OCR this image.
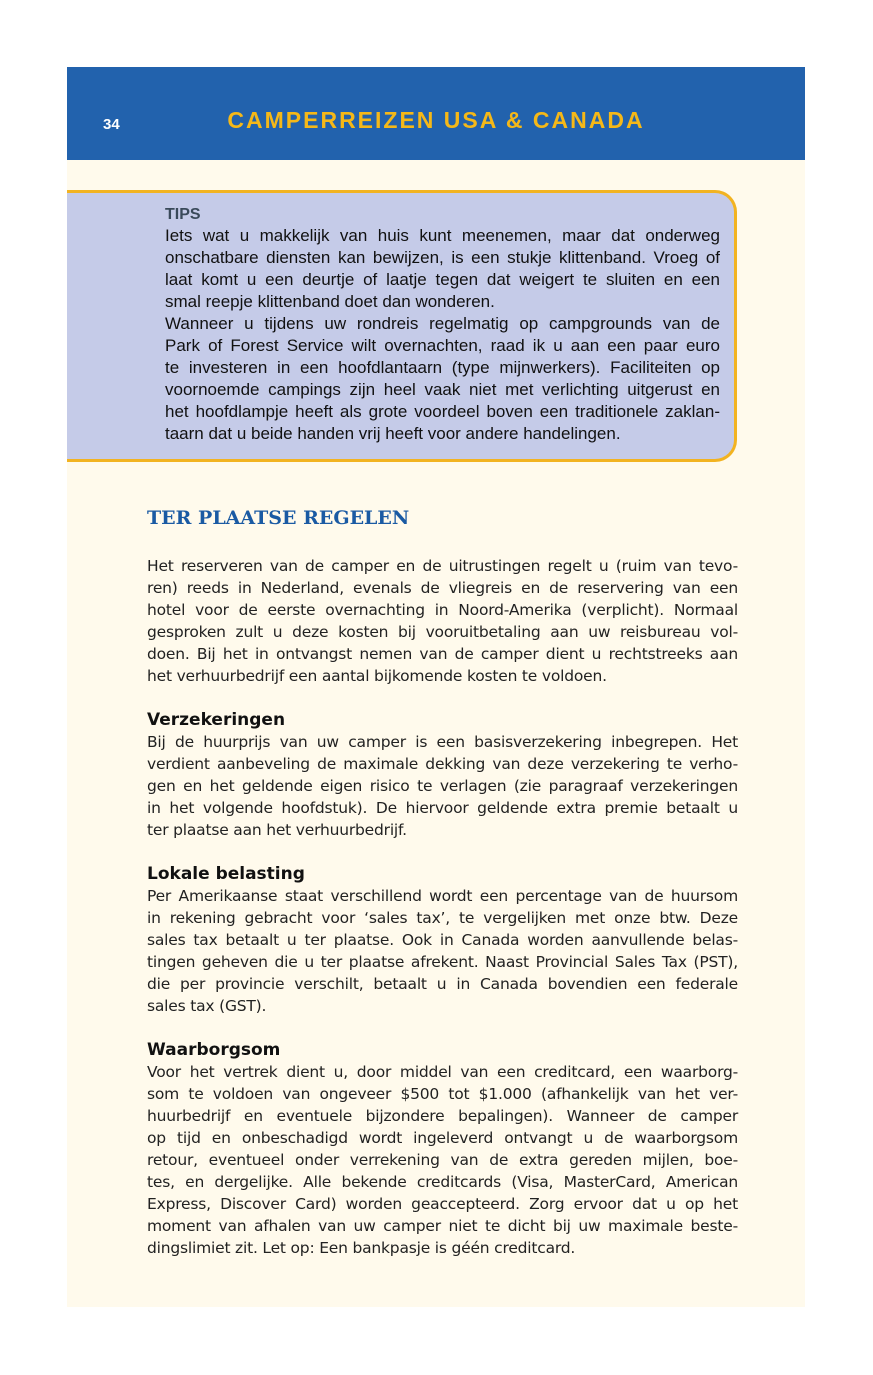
34	CAMPERREIZEN USA & CANADA
TIPS
Iets wat u makkelijk van huis kunt meenemen, maar dat onderweg
onschatbare diensten kan bewijzen, is een stukje klittenband. Vroeg of
laat komt u een deurtje of laatje tegen dat weigert te sluiten en een
smal reepje klittenband doet dan wonderen.
Wanneer u tijdens uw rondreis regelmatig op campgrounds van de
Park of Forest Service wilt overnachten, raad ik u aan een paar euro
te investeren in een hoofdlantaarn (type mijnwerkers). Faciliteiten op
voornoemde campings zijn heel vaak niet met verlichting uitgerust en
het hoofdlampje heeft als grote voordeel boven een traditionele zaklan-
taarn dat u beide handen vrij heeft voor andere handelingen.
TER PLAATSE REGELEN
Het reserveren van de camper en de uitrustingen regelt u (ruim van tevo-
ren) reeds in Nederland, evenals de vliegreis en de reservering van een
hotel voor de eerste overnachting in Noord-Amerika (verplicht). Normaal
gesproken zult u deze kosten bij vooruitbetaling aan uw reisbureau vol-
doen. Bij het in ontvangst nemen van de camper dient u rechtstreeks aan
het verhuurbedrijf een aantal bijkomende kosten te voldoen.
Verzekeringen
Bij de huurprijs van uw camper is een basisverzekering inbegrepen. Het
verdient aanbeveling de maximale dekking van deze verzekering te verho-
gen en het geldende eigen risico te verlagen (zie paragraaf verzekeringen
in het volgende hoofdstuk). De hiervoor geldende extra premie betaalt u
ter plaatse aan het verhuurbedrijf.
Lokale belasting
Per Amerikaanse staat verschillend wordt een percentage van de huursom
in rekening gebracht voor ‘sales tax’, te vergelijken met onze btw. Deze
sales tax betaalt u ter plaatse. Ook in Canada worden aanvullende belas-
tingen geheven die u ter plaatse afrekent. Naast Provincial Sales Tax (PST),
die per provincie verschilt, betaalt u in Canada bovendien een federale
sales tax (GST).
Waarborgsom
Voor het vertrek dient u, door middel van een creditcard, een waarborg-
som te voldoen van ongeveer $500 tot $1.000 (afhankelijk van het ver-
huurbedrijf en eventuele bijzondere bepalingen). Wanneer de camper
op tijd en onbeschadigd wordt ingeleverd ontvangt u de waarborgsom
retour, eventueel onder verrekening van de extra gereden mijlen, boe-
tes, en dergelijke. Alle bekende creditcards (Visa, MasterCard, American
Express, Discover Card) worden geaccepteerd. Zorg ervoor dat u op het
moment van afhalen van uw camper niet te dicht bij uw maximale beste-
dingslimiet zit. Let op: Een bankpasje is géén creditcard.
